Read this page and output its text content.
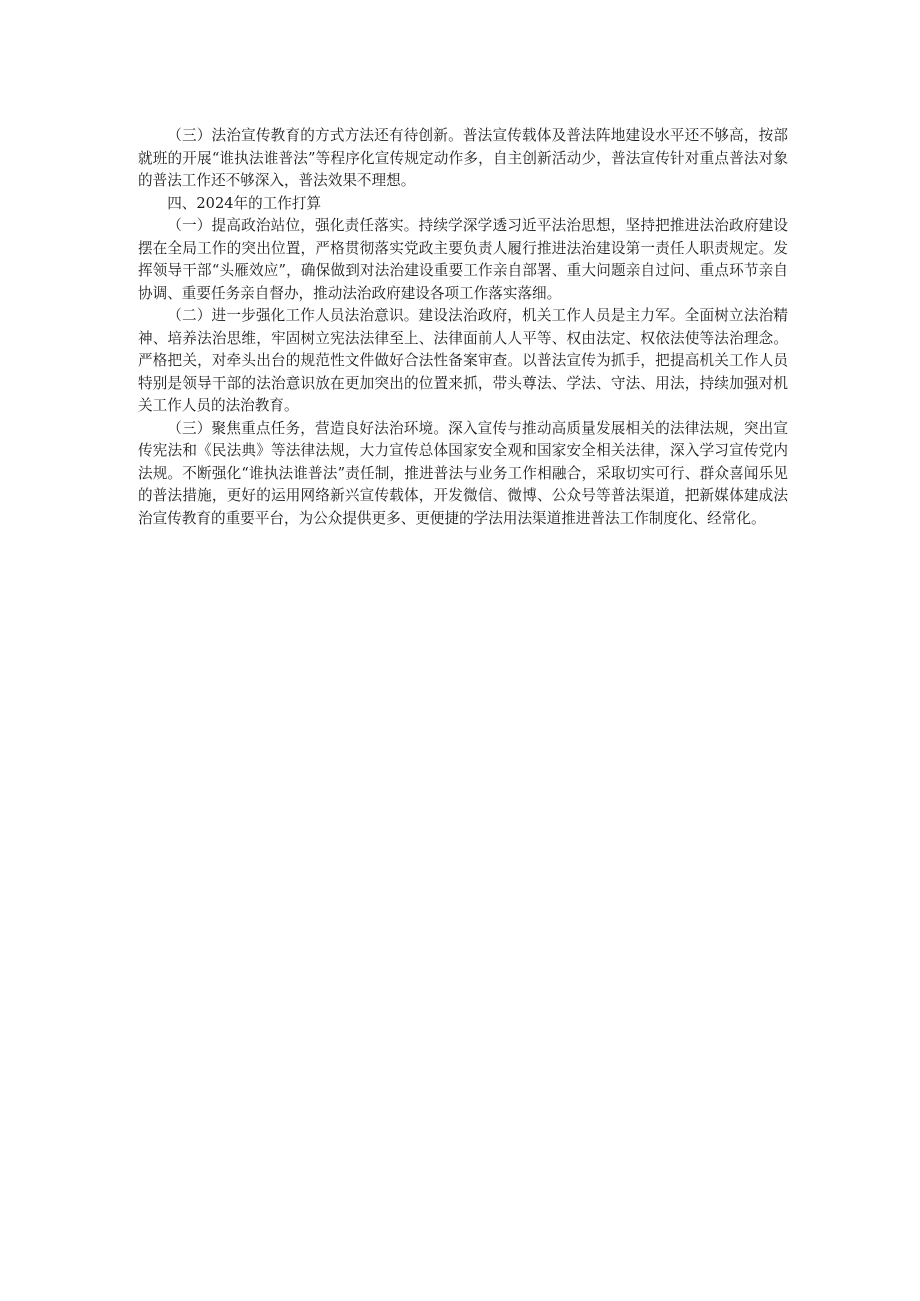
（三）法治宣传教育的方式方法还有待创新。普法宣传载体及普法阵地建设水平还不够高，按部就班的开展“谁执法谁普法”等程序化宣传规定动作多，自主创新活动少，普法宣传针对重点普法对象的普法工作还不够深入，普法效果不理想。

四、2024年的工作打算

（一）提高政治站位，强化责任落实。持续学深学透习近平法治思想，坚持把推进法治政府建设摆在全局工作的突出位置，严格贯彻落实党政主要负责人履行推进法治建设第一责任人职责规定。发挥领导干部“头雁效应”，确保做到对法治建设重要工作亲自部署、重大问题亲自过问、重点环节亲自协调、重要任务亲自督办，推动法治政府建设各项工作落实落细。

（二）进一步强化工作人员法治意识。建设法治政府，机关工作人员是主力军。全面树立法治精神、培养法治思维，牢固树立宪法法律至上、法律面前人人平等、权由法定、权依法使等法治理念。严格把关，对牵头出台的规范性文件做好合法性备案审查。以普法宣传为抓手，把提高机关工作人员特别是领导干部的法治意识放在更加突出的位置来抓，带头尊法、学法、守法、用法，持续加强对机关工作人员的法治教育。

（三）聚焦重点任务，营造良好法治环境。深入宣传与推动高质量发展相关的法律法规，突出宣传宪法和《民法典》等法律法规，大力宣传总体国家安全观和国家安全相关法律，深入学习宣传党内法规。不断强化“谁执法谁普法”责任制，推进普法与业务工作相融合，采取切实可行、群众喜闻乐见的普法措施，更好的运用网络新兴宣传载体，开发微信、微博、公众号等普法渠道，把新媒体建成法治宣传教育的重要平台，为公众提供更多、更便捷的学法用法渠道推进普法工作制度化、经常化。
